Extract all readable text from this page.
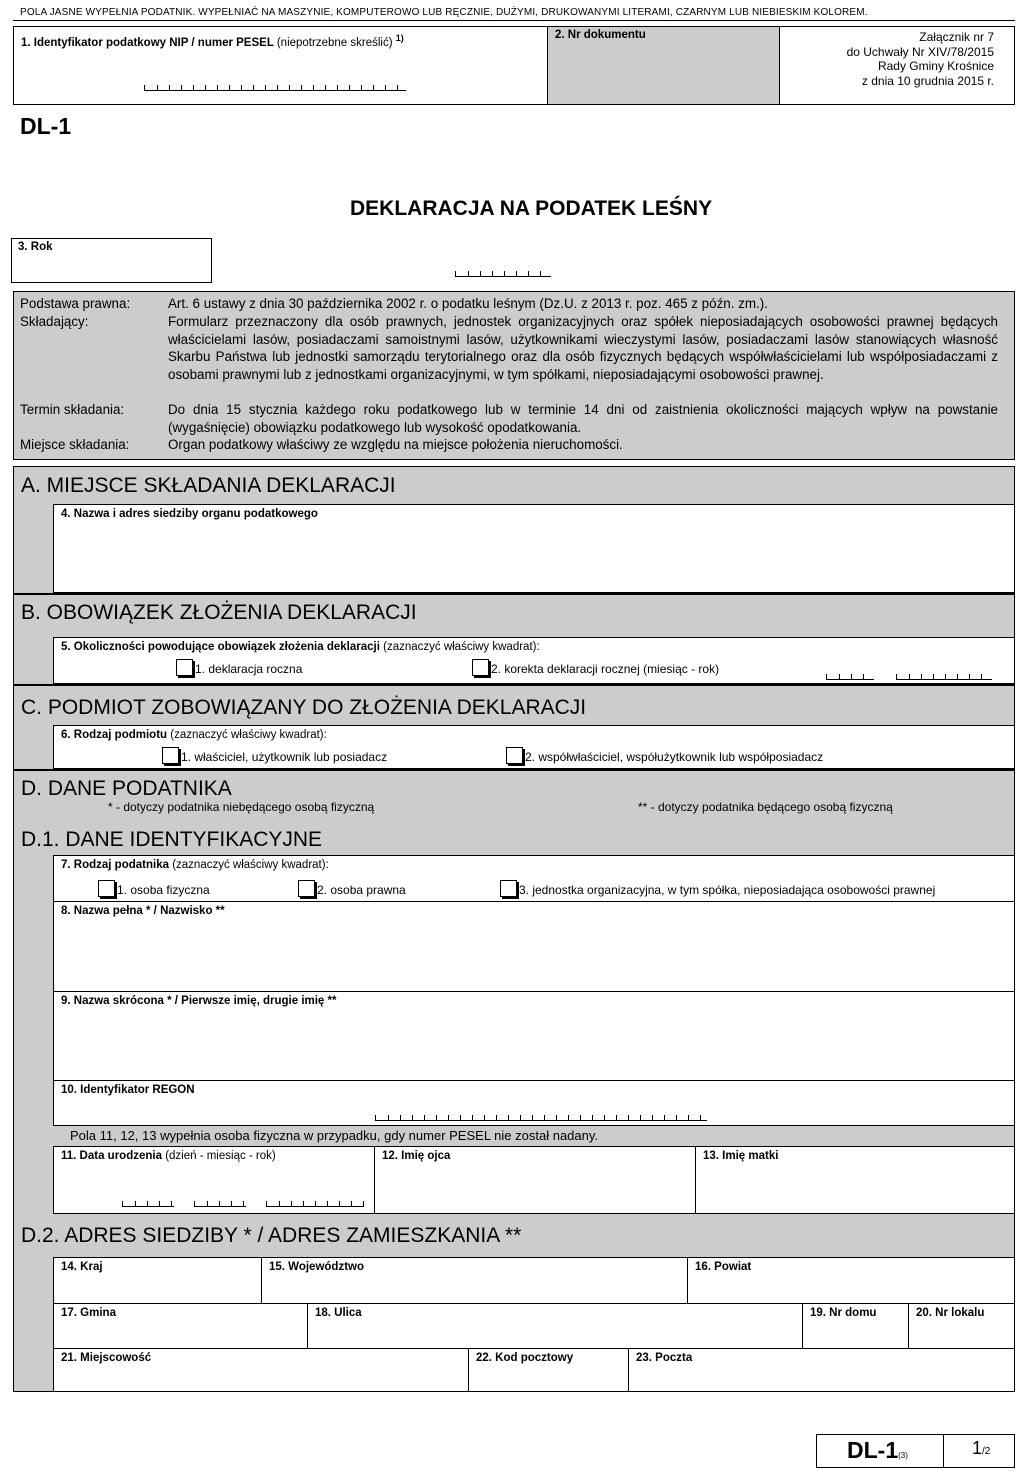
POLA JASNE WYPEŁNIA PODATNIK. WYPEŁNIAĆ NA MASZYNIE, KOMPUTEROWO LUB RĘCZNIE, DUŻYMI, DRUKOWANYMI LITERAMI, CZARNYM LUB NIEBIESKIM KOLOREM.
1. Identyfikator podatkowy NIP / numer PESEL (niepotrzebne skreślić) $^{1)}$	2. Nr dokumentu	Załącznik nr 7
do Uchwały Nr XIV/78/2015
Rady Gminy Krośnice
z dnia 10 grudnia 2015 r.
DL-1
DEKLARACJA NA PODATEK LEŚNY
3. Rok
Podstawa prawna:	Art. 6 ustawy z dnia 30 października 2002 r. o podatku leśnym (Dz.U. z 2013 r. poz. 465 z późn. zm.).
Składający:	Formularz przeznaczony dla osób prawnych, jednostek organizacyjnych oraz spółek nieposiadających osobowości prawnej będących właścicielami lasów, posiadaczami samoistnymi lasów, użytkownikami wieczystymi lasów, posiadaczami lasów stanowiących własność Skarbu Państwa lub jednostki samorządu terytorialnego oraz dla osób fizycznych będących współwłaścicielami lub współposiadaczami z osobami prawnymi lub z jednostkami organizacyjnymi, w tym spółkami, nieposiadającymi osobowości prawnej.
Termin składania:	Do dnia 15 stycznia każdego roku podatkowego lub w terminie 14 dni od zaistnienia okoliczności mających wpływ na powstanie (wygaśnięcie) obowiązku podatkowego lub wysokość opodatkowania.
Miejsce składania:	Organ podatkowy właściwy ze względu na miejsce położenia nieruchomości.
A. MIEJSCE SKŁADANIA DEKLARACJI
4. Nazwa i adres siedziby organu podatkowego
B. OBOWIĄZEK ZŁOŻENIA DEKLARACJI
5. Okoliczności powodujące obowiązek złożenia deklaracji (zaznaczyć właściwy kwadrat):
1. deklaracja roczna	2. korekta deklaracji rocznej (miesiąc - rok)
C. PODMIOT ZOBOWIĄZANY DO ZŁOŻENIA DEKLARACJI
6. Rodzaj podmiotu (zaznaczyć właściwy kwadrat):
1. właściciel, użytkownik lub posiadacz	2. współwłaściciel, współużytkownik lub współposiadacz
D. DANE PODATNIKA
* - dotyczy podatnika niebędącego osobą fizyczną	** - dotyczy podatnika będącego osobą fizyczną
D.1. DANE IDENTYFIKACYJNE
7. Rodzaj podatnika (zaznaczyć właściwy kwadrat):
1. osoba fizyczna	2. osoba prawna	3. jednostka organizacyjna, w tym spółka, nieposiadająca osobowości prawnej
8. Nazwa pełna * / Nazwisko **
9. Nazwa skrócona * / Pierwsze imię, drugie imię **
10. Identyfikator REGON
Pola 11, 12, 13 wypełnia osoba fizyczna w przypadku, gdy numer PESEL nie został nadany.
11. Data urodzenia (dzień - miesiąc - rok)	12. Imię ojca	13. Imię matki
D.2. ADRES SIEDZIBY * / ADRES ZAMIESZKANIA **
14. Kraj	15. Województwo	16. Powiat
17. Gmina	18. Ulica	19. Nr domu	20. Nr lokalu
21. Miejscowość	22. Kod pocztowy	23. Poczta
DL-1(3)	1/2
